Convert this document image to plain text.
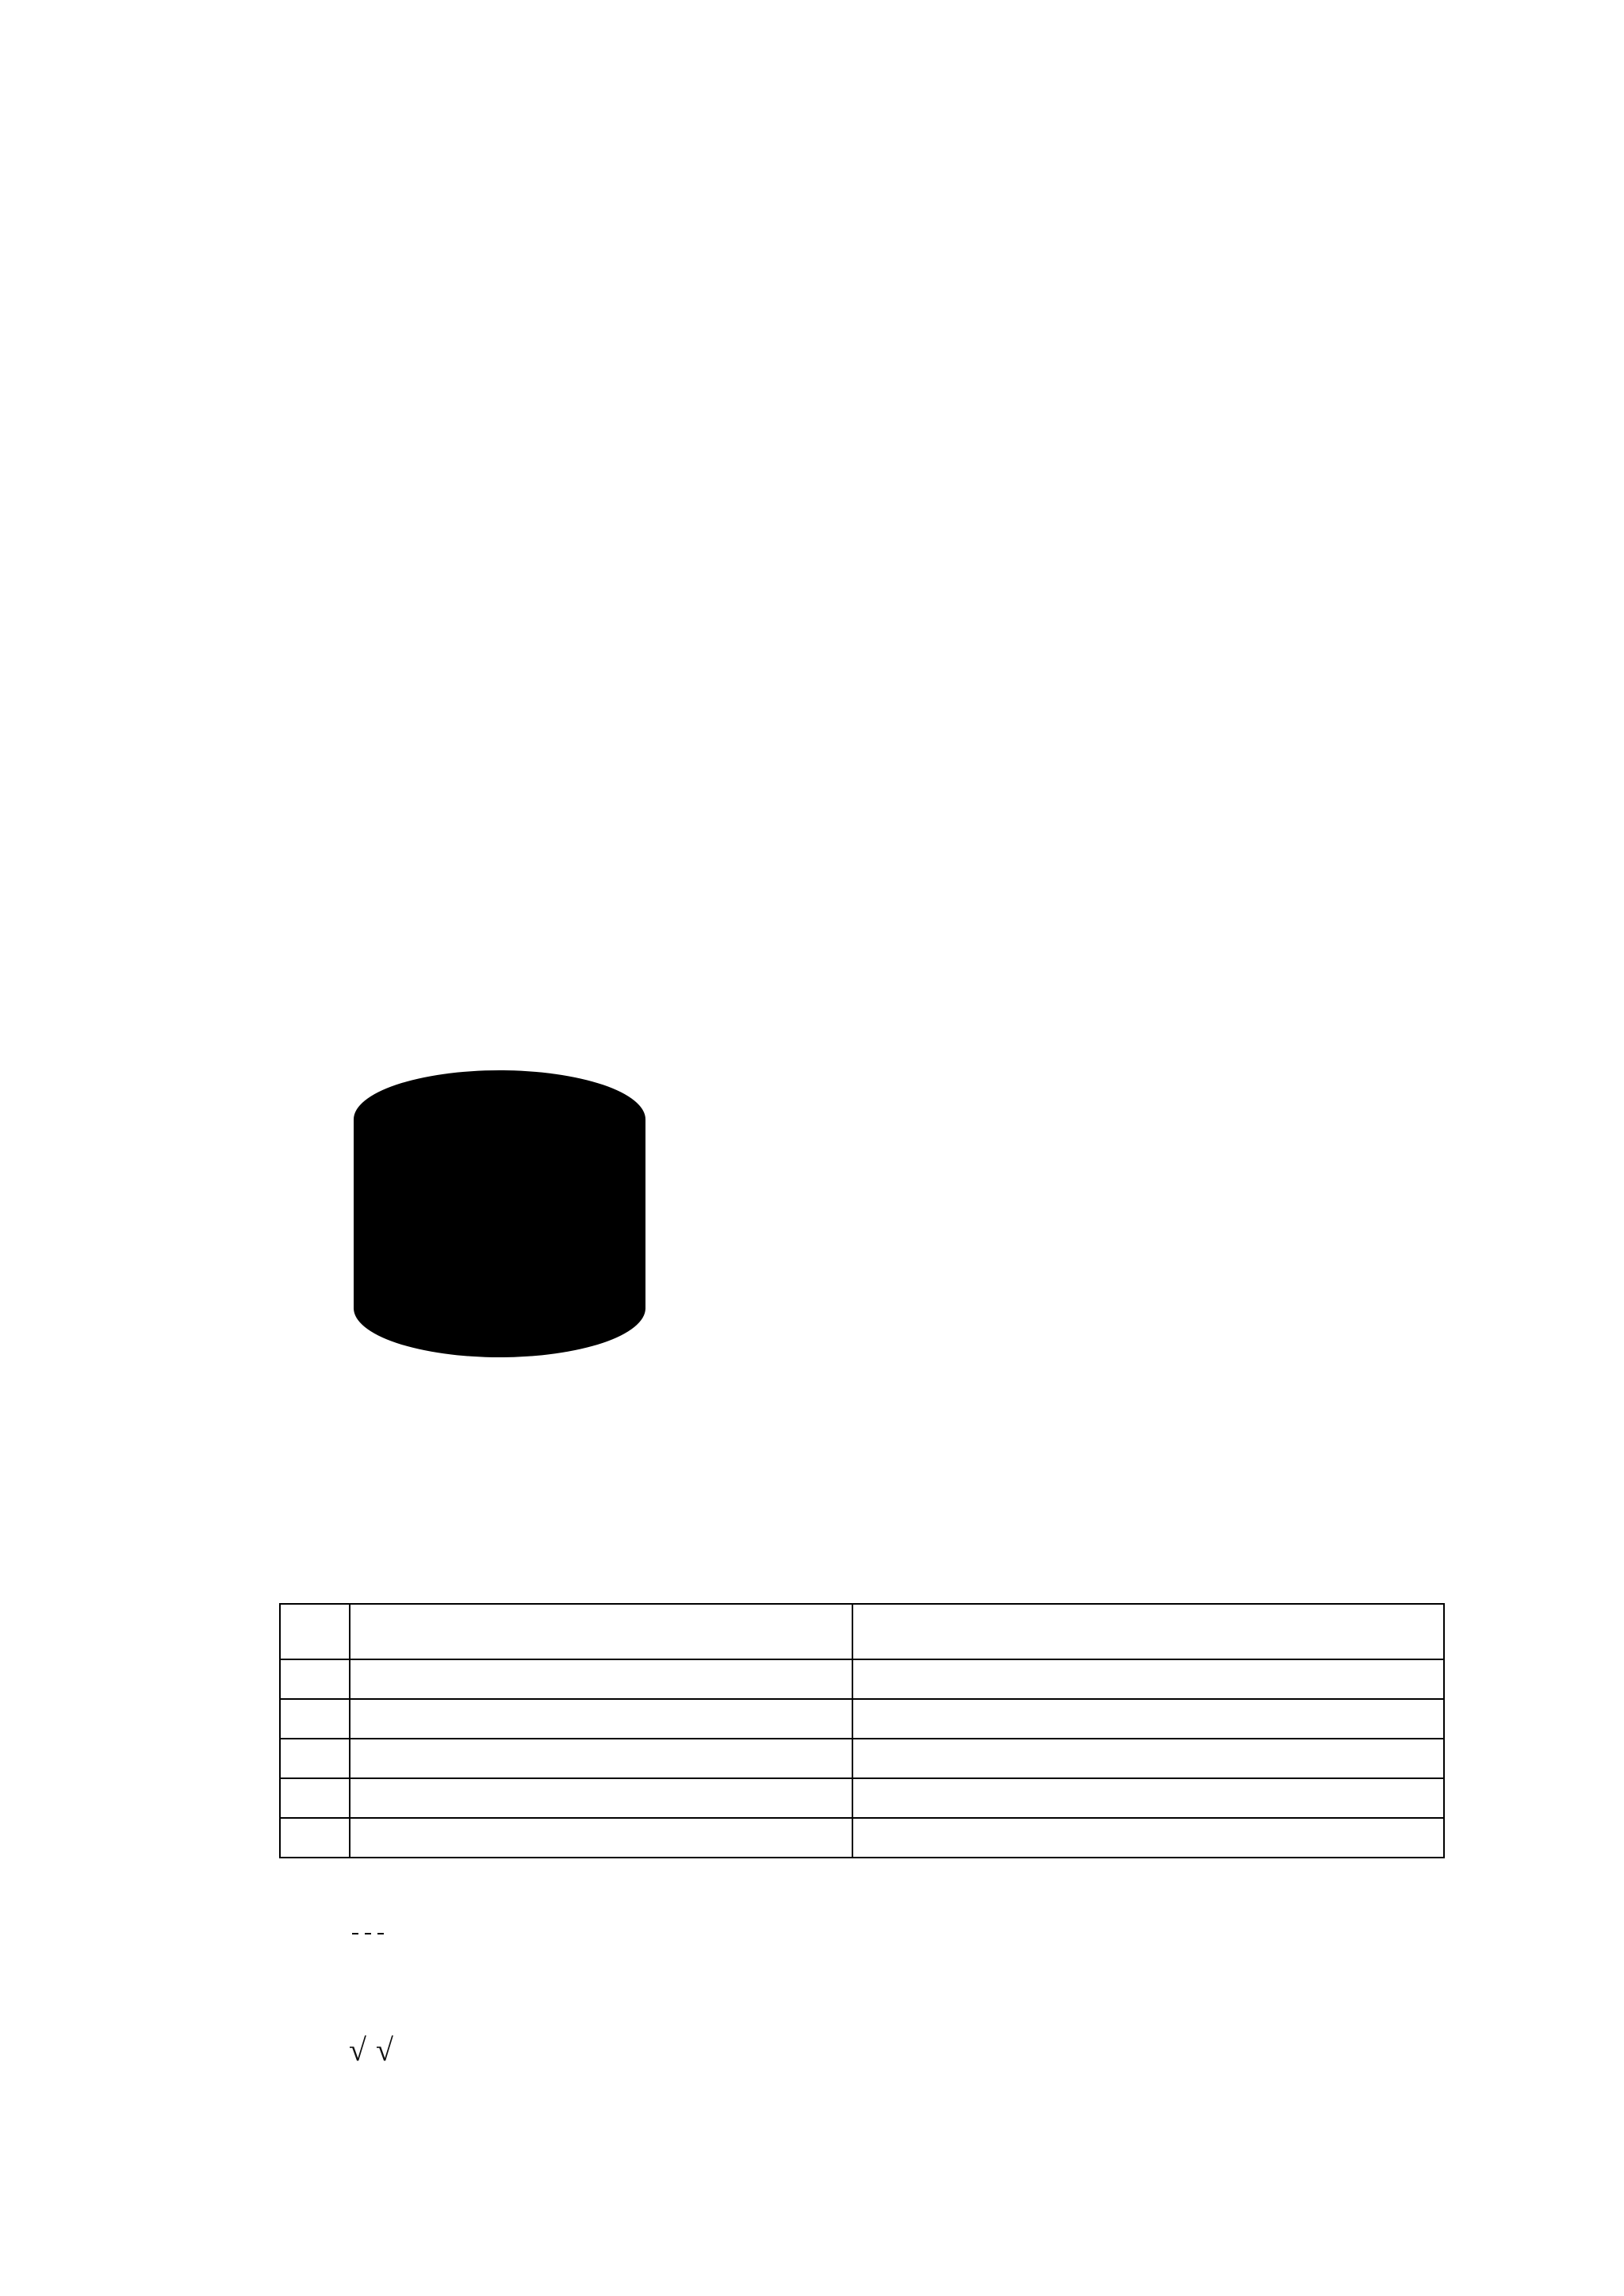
√ √
